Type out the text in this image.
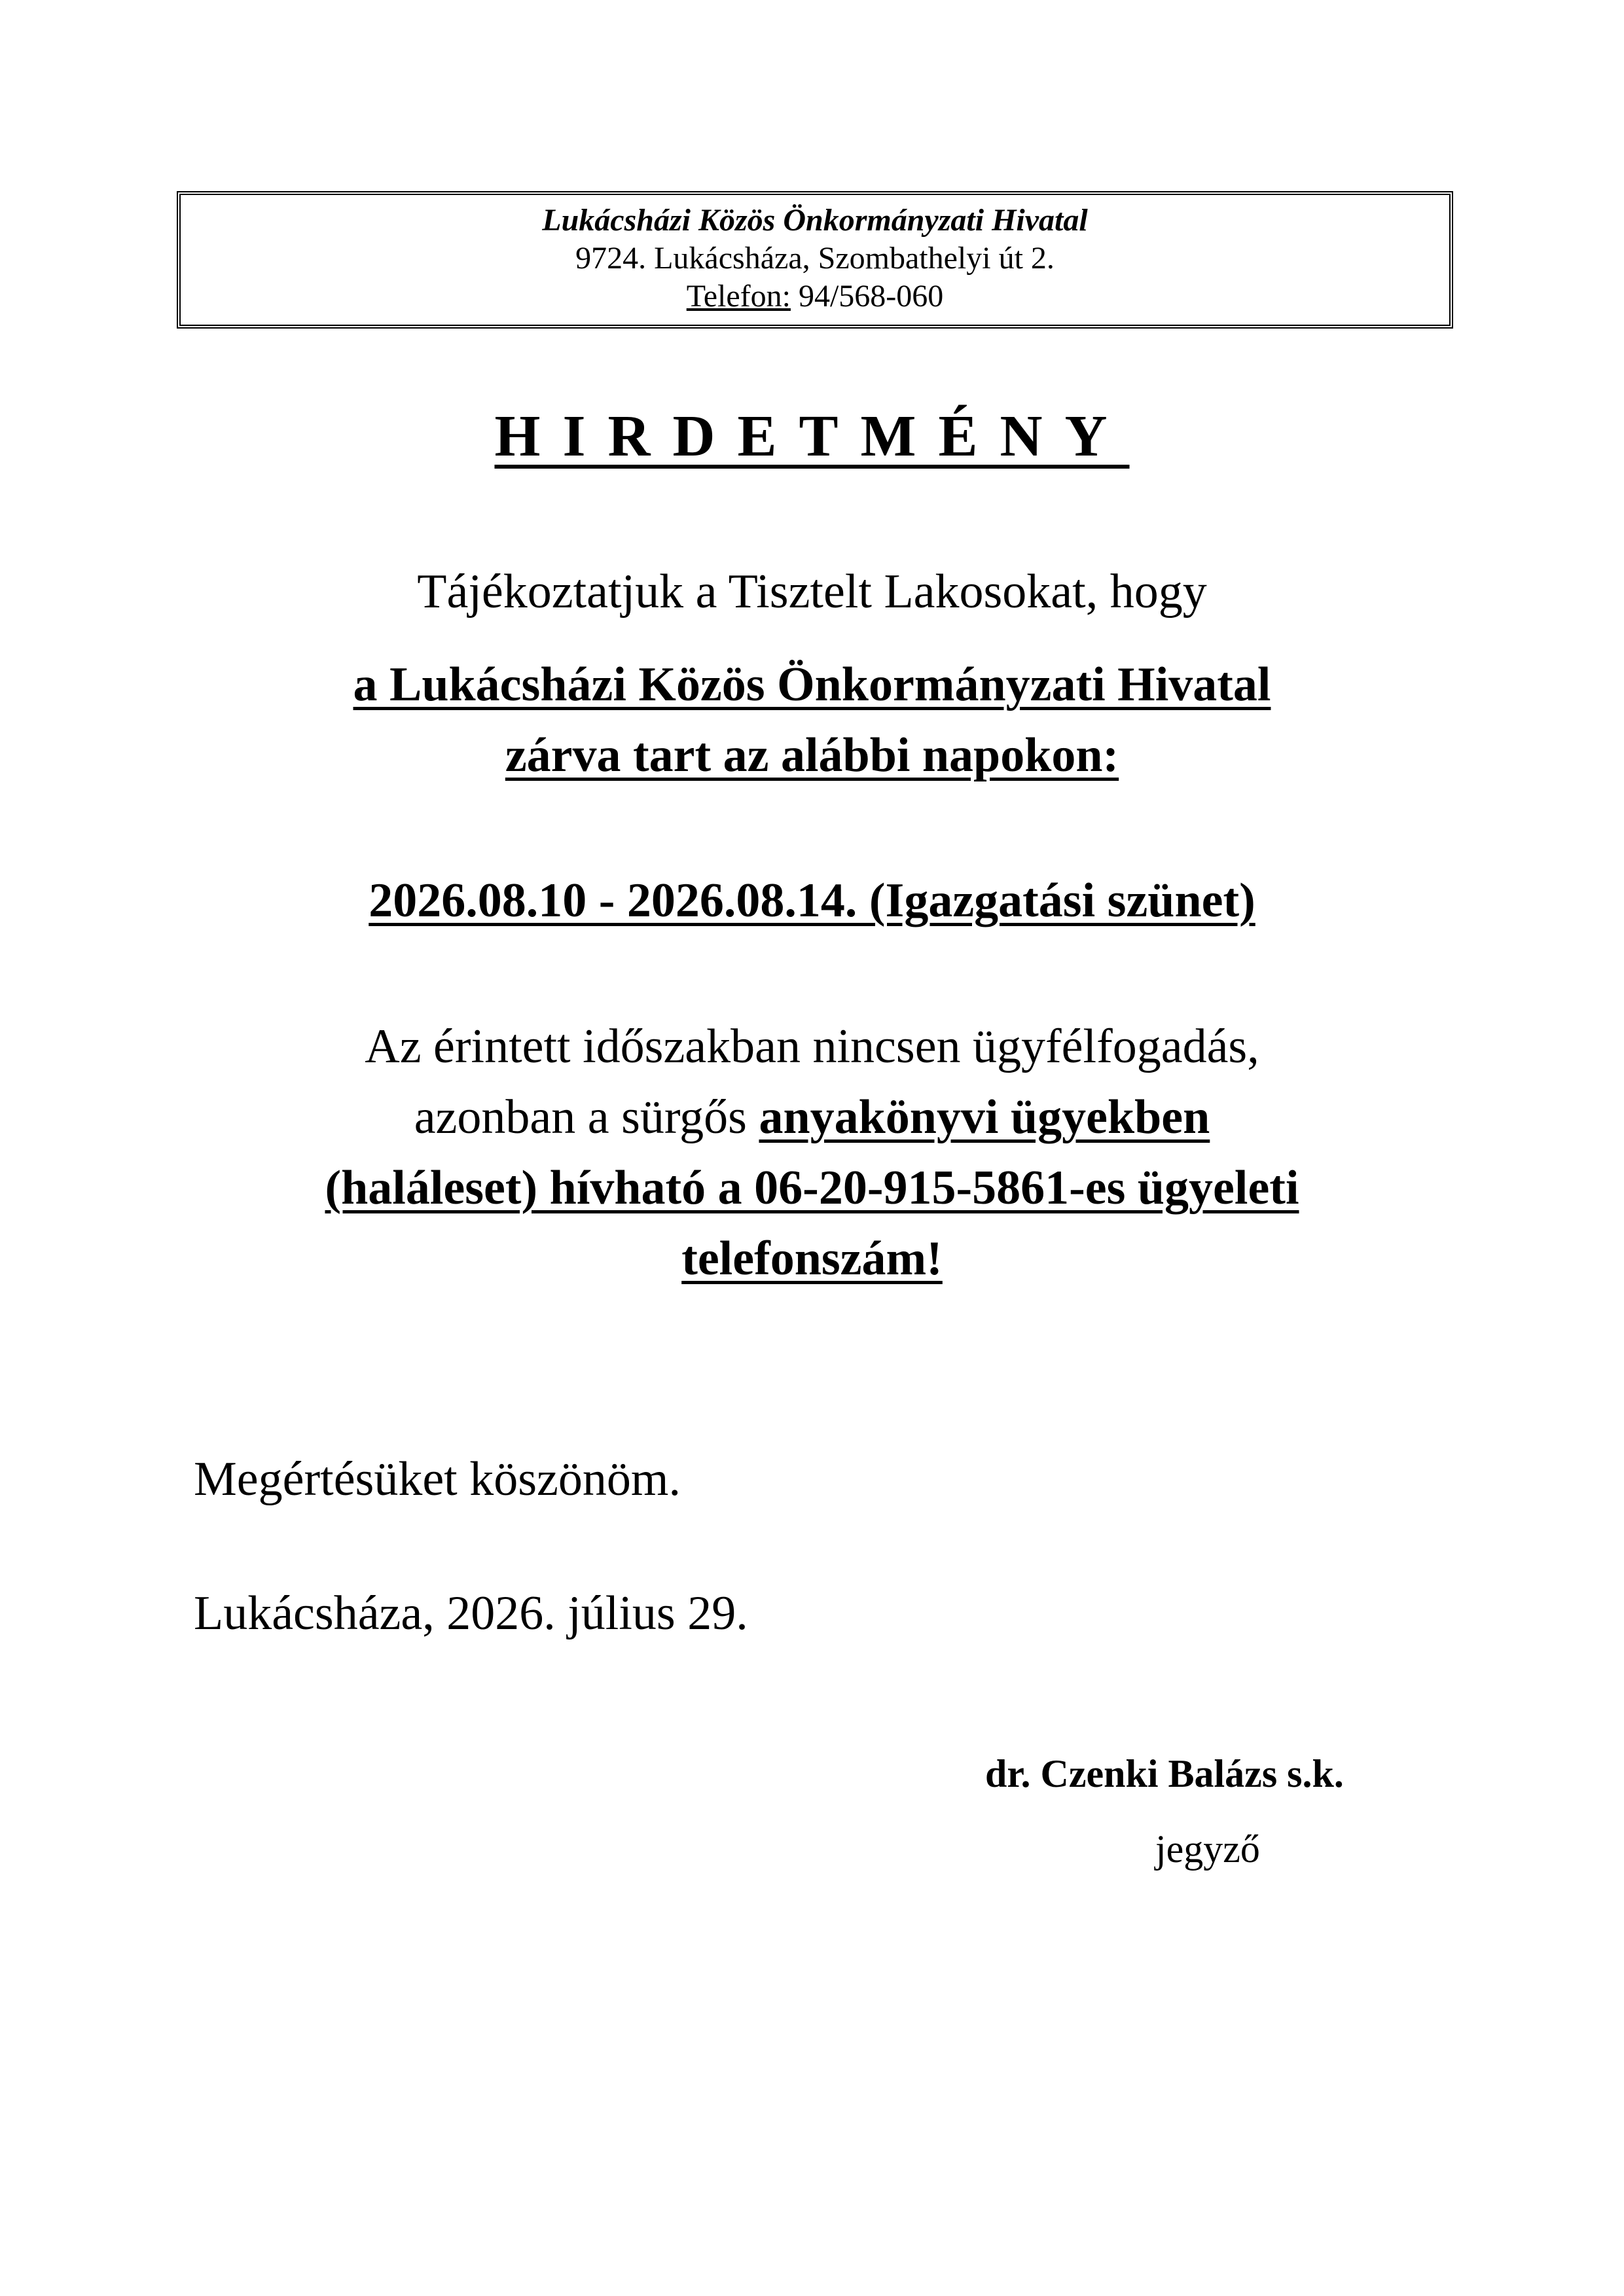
Lukácsházi Közös Önkormányzati Hivatal
9724. Lukácsháza, Szombathelyi út 2.
Telefon: 94/568-060
HIRDETMÉNY
Tájékoztatjuk a Tisztelt Lakosokat, hogy
a Lukácsházi Közös Önkormányzati Hivatal
zárva tart az alábbi napokon:
2026.08.10 - 2026.08.14. (Igazgatási szünet)
Az érintett időszakban nincsen ügyfélfogadás,
azonban a sürgős anyakönyvi ügyekben
(haláleset) hívható a 06-20-915-5861-es ügyeleti
telefonszám!
Megértésüket köszönöm.
Lukácsháza, 2026. július 29.
dr. Czenki Balázs s.k.
jegyző
